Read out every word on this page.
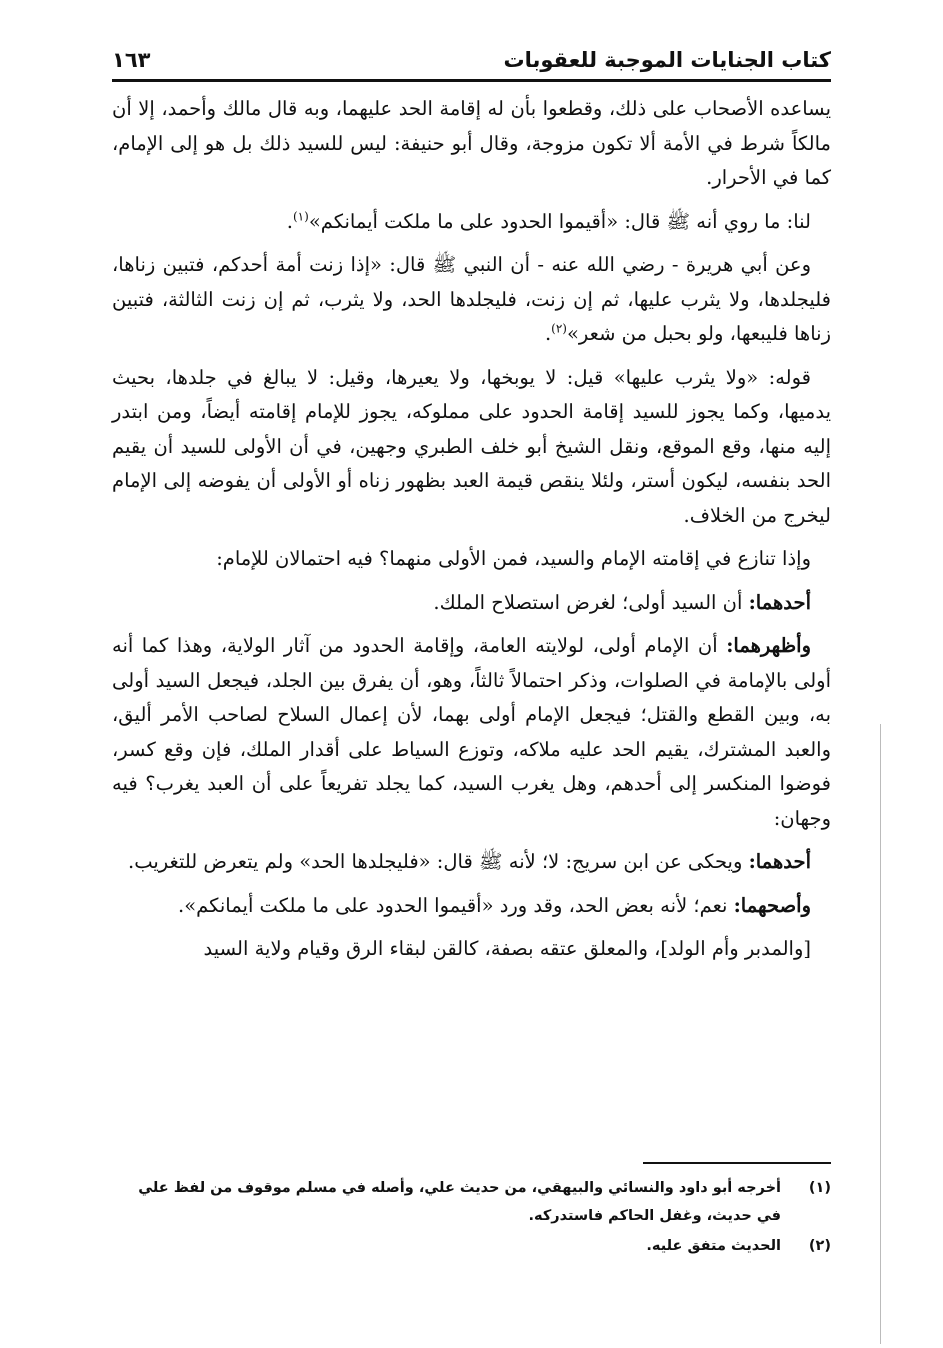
كتاب الجنايات الموجبة للعقوبات
١٦٣

يساعده الأصحاب على ذلك، وقطعوا بأن له إقامة الحد عليهما، وبه قال مالك وأحمد، إلا أن مالكاً شرط في الأمة ألا تكون مزوجة، وقال أبو حنيفة: ليس للسيد ذلك بل هو إلى الإمام، كما في الأحرار.

لنا: ما روي أنه ﷺ قال: «أقيموا الحدود على ما ملكت أيمانكم»$^{(١)}$.

وعن أبي هريرة - رضي الله عنه - أن النبي ﷺ قال: «إذا زنت أمة أحدكم، فتبين زناها، فليجلدها، ولا يثرب عليها، ثم إن زنت، فليجلدها الحد، ولا يثرب، ثم إن زنت الثالثة، فتبين زناها فليبعها، ولو بحبل من شعر»$^{(٢)}$.

قوله: «ولا يثرب عليها» قيل: لا يوبخها، ولا يعيرها، وقيل: لا يبالغ في جلدها، بحيث يدميها، وكما يجوز للسيد إقامة الحدود على مملوكه، يجوز للإمام إقامته أيضاً، ومن ابتدر إليه منها، وقع الموقع، ونقل الشيخ أبو خلف الطبري وجهين، في أن الأولى للسيد أن يقيم الحد بنفسه، ليكون أستر، ولئلا ينقص قيمة العبد بظهور زناه أو الأولى أن يفوضه إلى الإمام ليخرج من الخلاف.

وإذا تنازع في إقامته الإمام والسيد، فمن الأولى منهما؟ فيه احتمالان للإمام:

أحدهما: أن السيد أولى؛ لغرض استصلاح الملك.

وأظهرهما: أن الإمام أولى، لولايته العامة، وإقامة الحدود من آثار الولاية، وهذا كما أنه أولى بالإمامة في الصلوات، وذكر احتمالاً ثالثاً، وهو، أن يفرق بين الجلد، فيجعل السيد أولى به، وبين القطع والقتل؛ فيجعل الإمام أولى بهما، لأن إعمال السلاح لصاحب الأمر أليق، والعبد المشترك، يقيم الحد عليه ملاكه، وتوزع السياط على أقدار الملك، فإن وقع كسر، فوضوا المنكسر إلى أحدهم، وهل يغرب السيد، كما يجلد تفريعاً على أن العبد يغرب؟ فيه وجهان:

أحدهما: ويحكى عن ابن سريج: لا؛ لأنه ﷺ قال: «فليجلدها الحد» ولم يتعرض للتغريب.

وأصحهما: نعم؛ لأنه بعض الحد، وقد ورد «أقيموا الحدود على ما ملكت أيمانكم».

[والمدبر وأم الولد]، والمعلق عتقه بصفة، كالقن لبقاء الرق وقيام ولاية السيد

(١)
أخرجه أبو داود والنسائي والبيهقي، من حديث علي، وأصله في مسلم موقوف من لفظ علي في حديث، وغفل الحاكم فاستدركه.
(٢)
الحديث متفق عليه.
